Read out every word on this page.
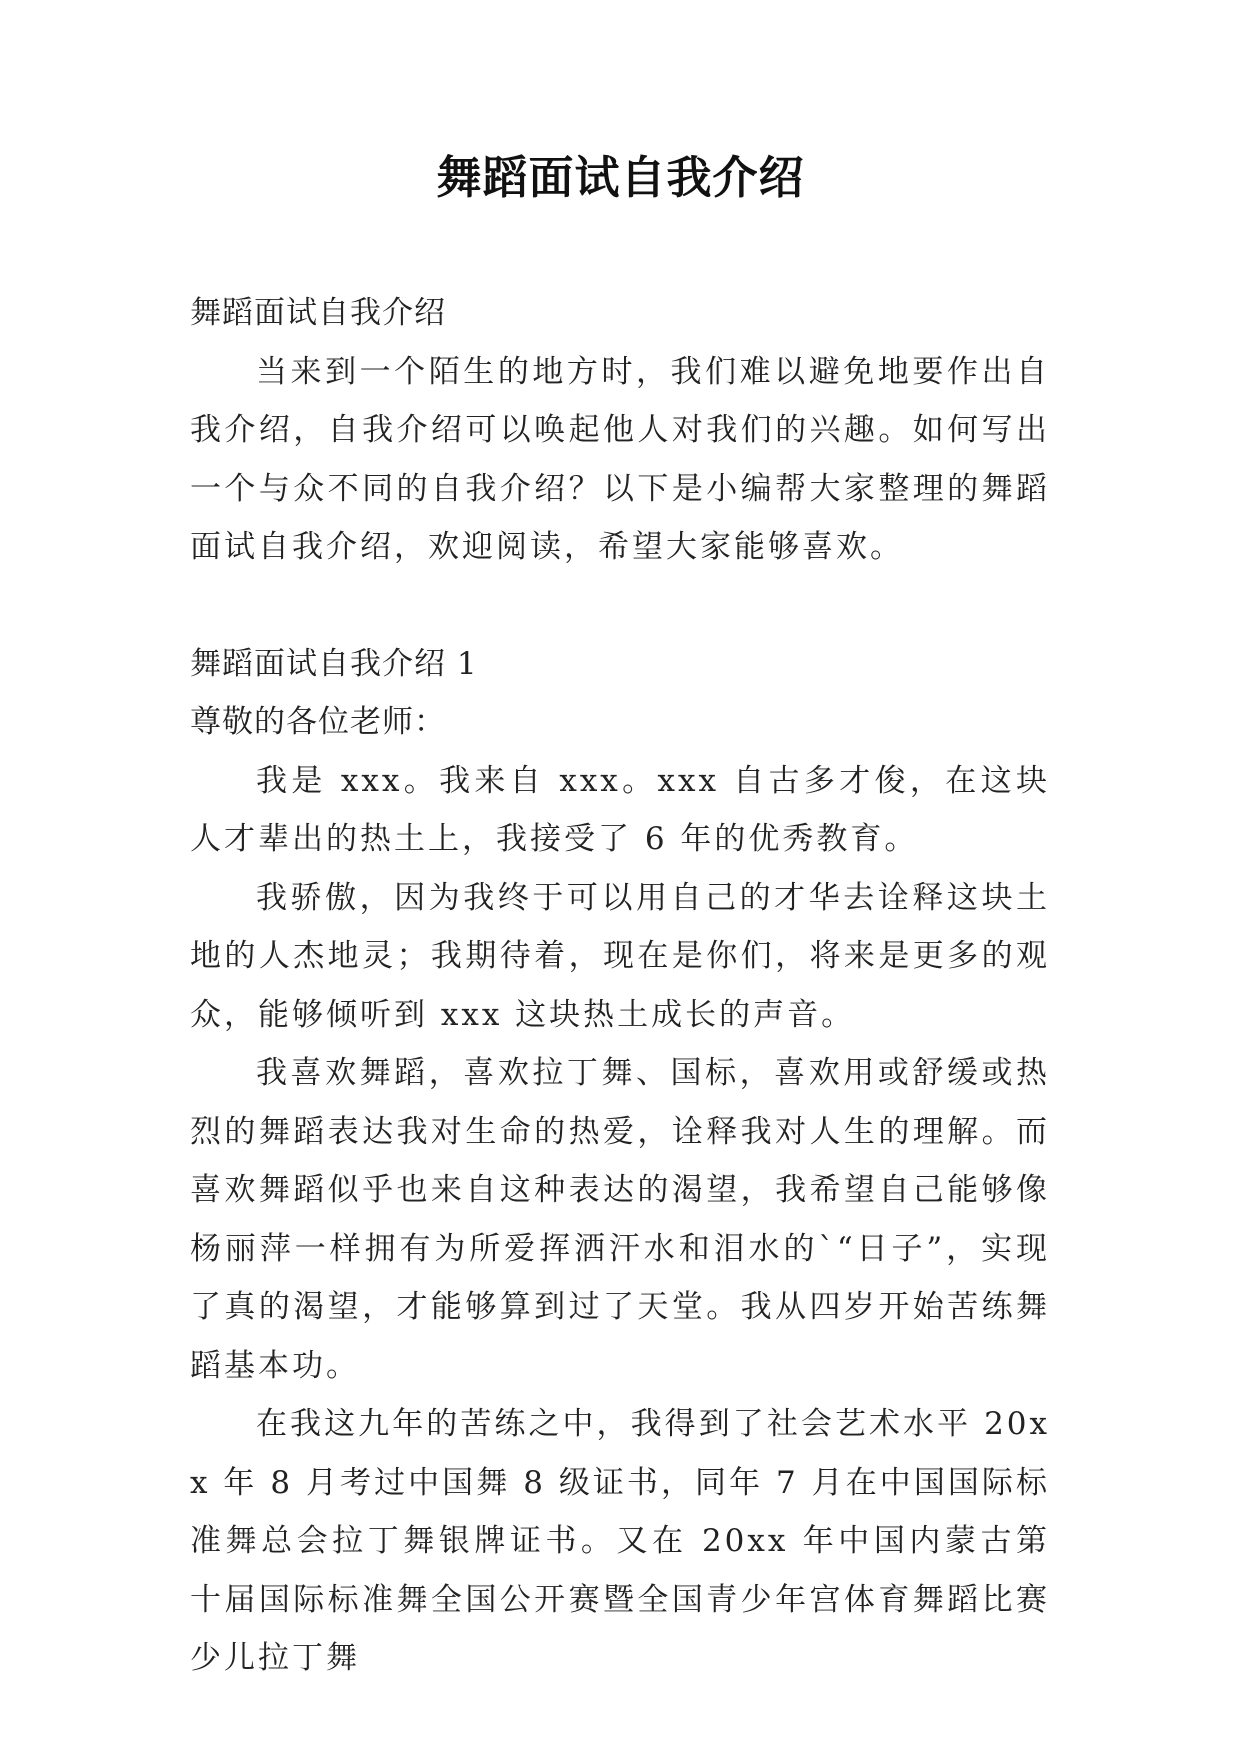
舞蹈面试自我介绍

舞蹈面试自我介绍

当来到一个陌生的地方时，我们难以避免地要作出自我介绍，自我介绍可以唤起他人对我们的兴趣。如何写出一个与众不同的自我介绍？以下是小编帮大家整理的舞蹈面试自我介绍，欢迎阅读，希望大家能够喜欢。

舞蹈面试自我介绍 1

尊敬的各位老师：

我是 xxx。我来自 xxx。xxx 自古多才俊，在这块人才辈出的热土上，我接受了 6 年的优秀教育。

我骄傲，因为我终于可以用自己的才华去诠释这块土地的人杰地灵；我期待着，现在是你们，将来是更多的观众，能够倾听到 xxx 这块热土成长的声音。

我喜欢舞蹈，喜欢拉丁舞、国标，喜欢用或舒缓或热烈的舞蹈表达我对生命的热爱，诠释我对人生的理解。而喜欢舞蹈似乎也来自这种表达的渴望，我希望自己能够像杨丽萍一样拥有为所爱挥洒汗水和泪水的`“日子”，实现了真的渴望，才能够算到过了天堂。我从四岁开始苦练舞蹈基本功。

在我这九年的苦练之中，我得到了社会艺术水平 20xx 年 8 月考过中国舞 8 级证书，同年 7 月在中国国际标准舞总会拉丁舞银牌证书。又在 20xx 年中国内蒙古第十届国际标准舞全国公开赛暨全国青少年宫体育舞蹈比赛少儿拉丁舞
